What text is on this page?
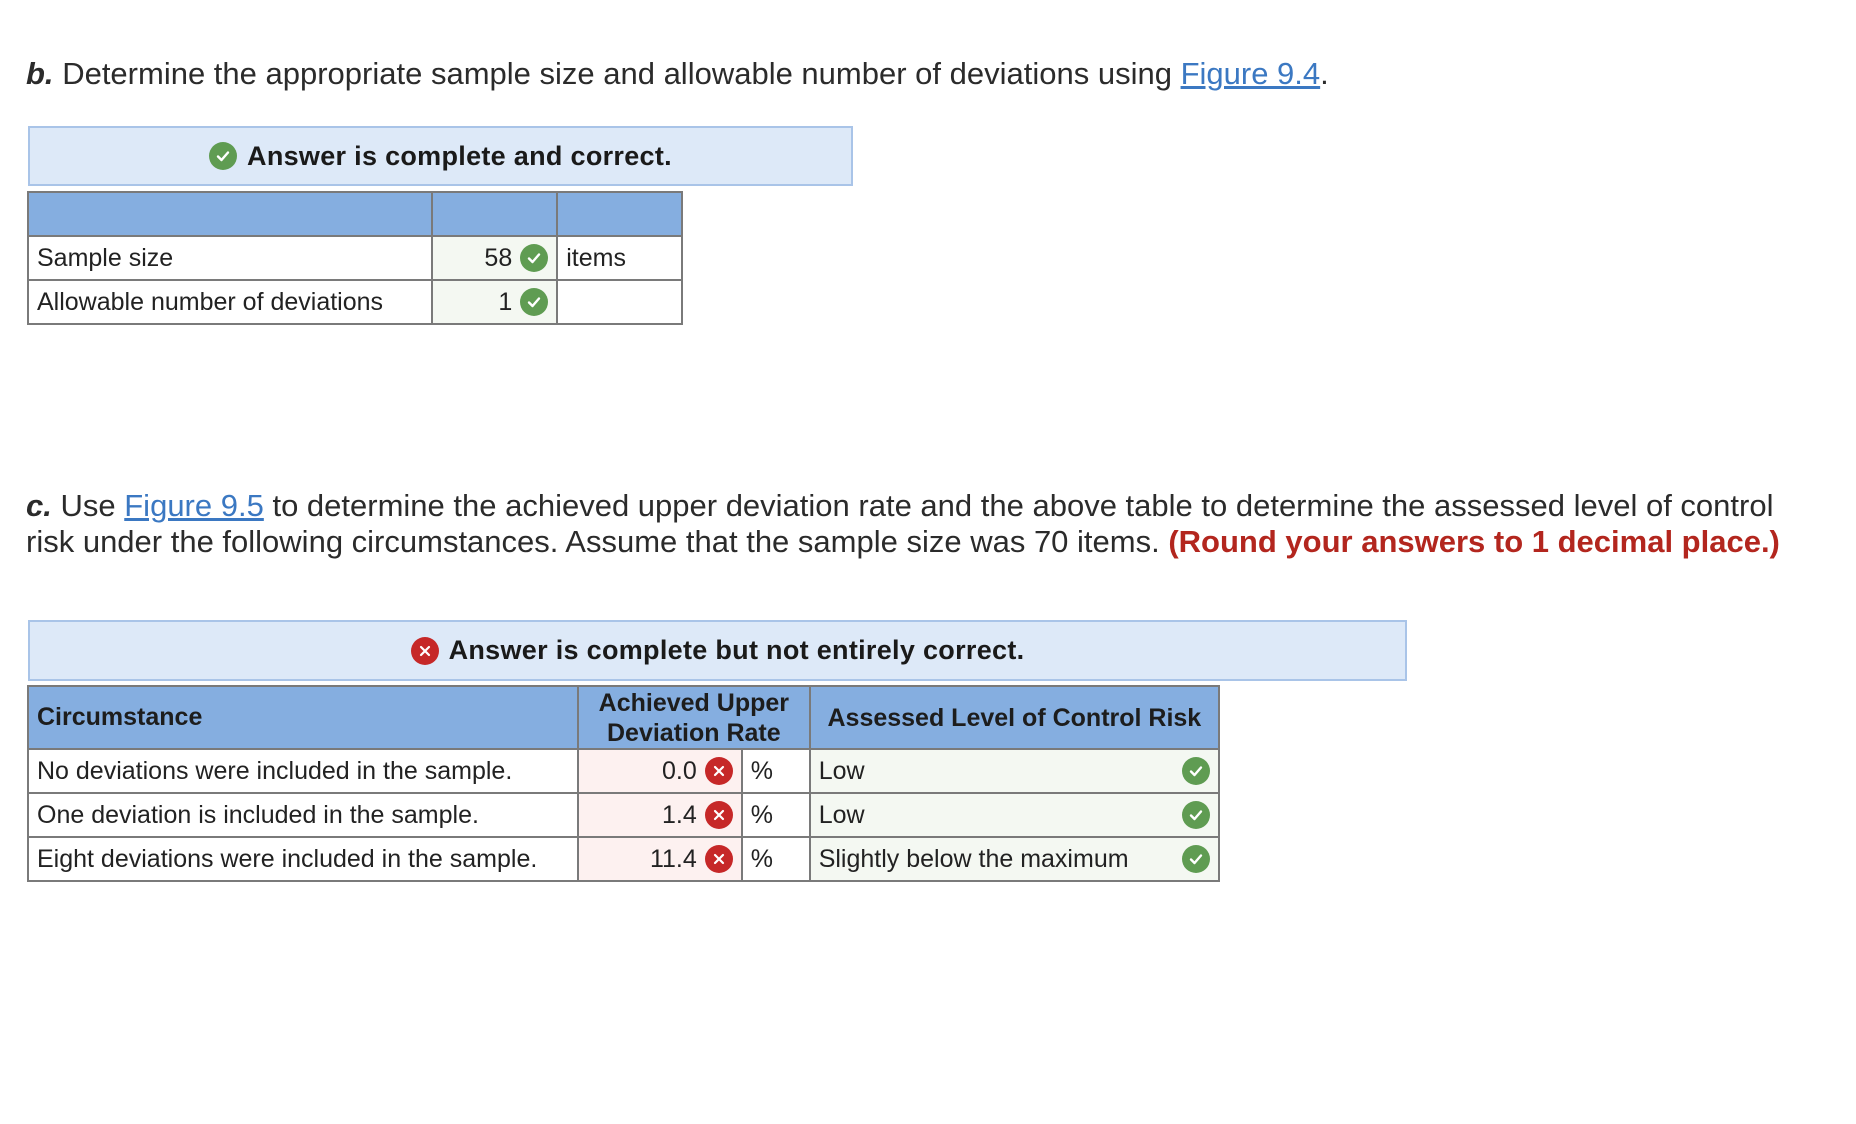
b. Determine the appropriate sample size and allowable number of deviations using Figure 9.4.
Answer is complete and correct.

Sample size	58	items
Allowable number of deviations	1	

c. Use Figure 9.5 to determine the achieved upper deviation rate and the above table to determine the assessed level of control risk under the following circumstances. Assume that the sample size was 70 items. (Round your answers to 1 decimal place.)
Answer is complete but not entirely correct.
Circumstance	Achieved Upper Deviation Rate		Assessed Level of Control Risk
No deviations were included in the sample.	0.0	%	Low

One deviation is included in the sample.	1.4	%	Low

Eight deviations were included in the sample.	11.4	%	Slightly below the maximum
